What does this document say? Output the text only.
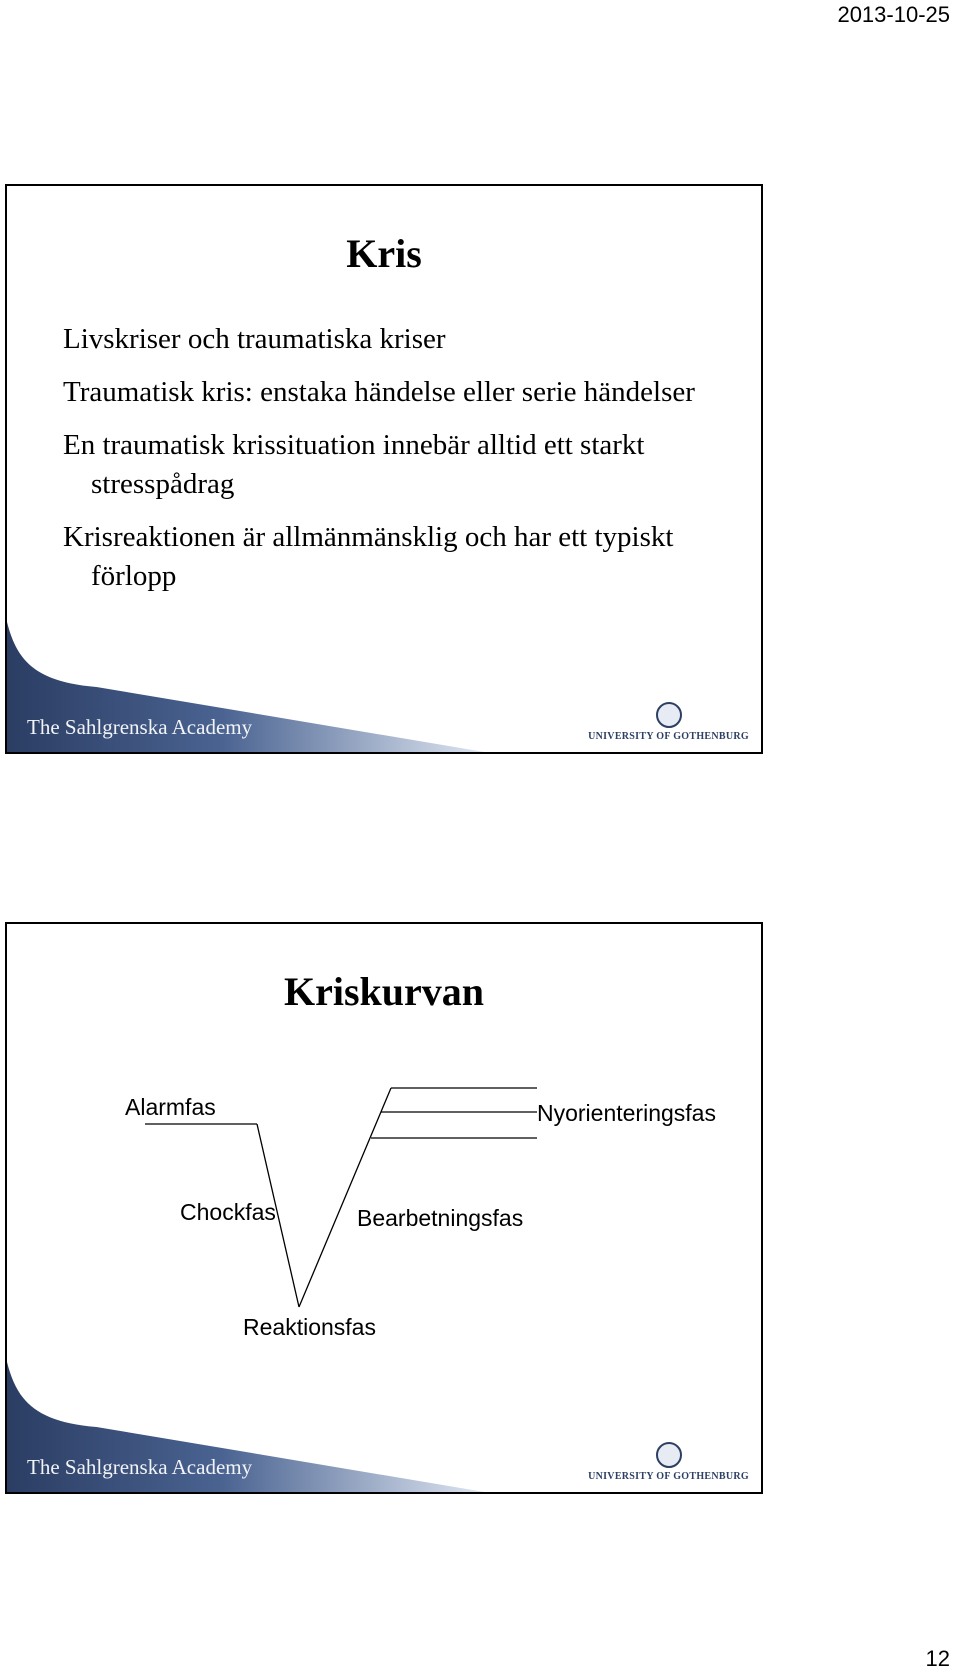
2013-10-25
Kris
Livskriser och traumatiska kriser
Traumatisk kris: enstaka händelse eller serie händelser
En traumatisk krissituation innebär alltid ett starkt stresspådrag
Krisreaktionen är allmänmänsklig och har ett typiskt förlopp
The Sahlgrenska Academy	UNIVERSITY OF GOTHENBURG
Kriskurvan
Alarmfas	Nyorienteringsfas
Chockfas	Bearbetningsfas
Reaktionsfas
The Sahlgrenska Academy	UNIVERSITY OF GOTHENBURG
12
